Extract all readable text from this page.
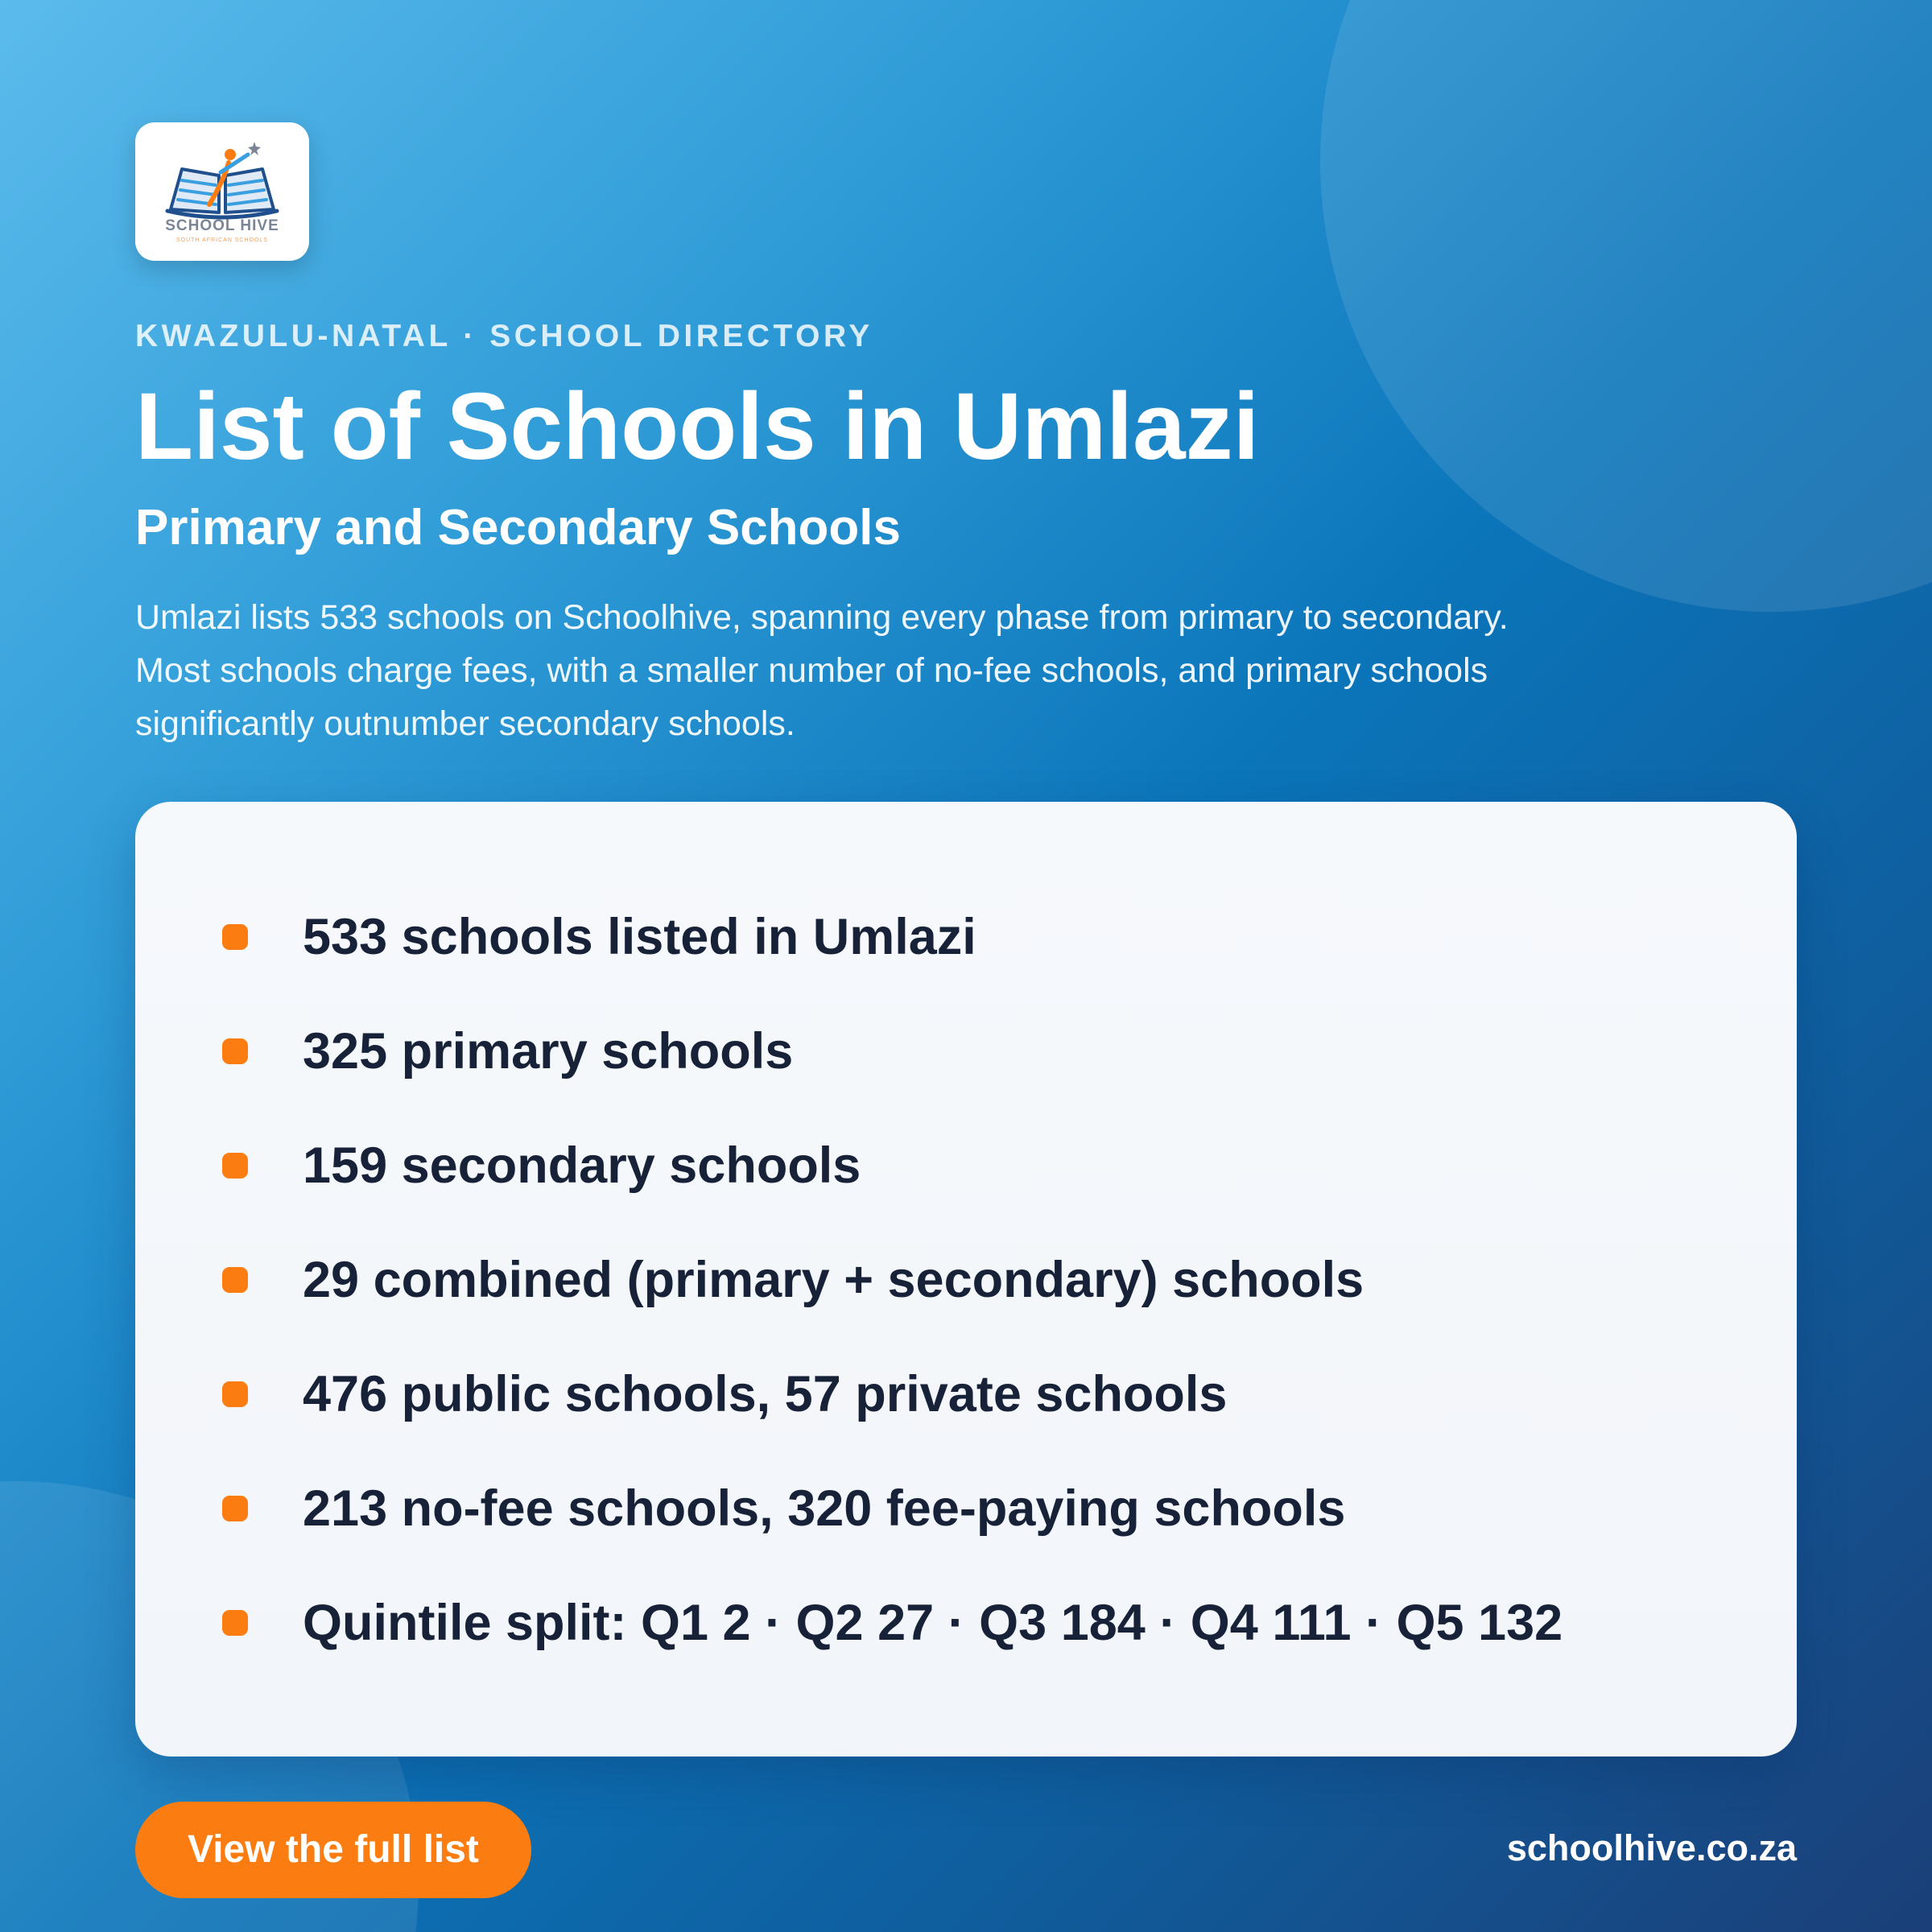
SCHOOL HIVE
SOUTH AFRICAN SCHOOLS
KWAZULU-NATAL · SCHOOL DIRECTORY
List of Schools in Umlazi
Primary and Secondary Schools

Umlazi lists 533 schools on Schoolhive, spanning every phase from primary to secondary. Most schools charge fees, with a smaller number of no-fee schools, and primary schools significantly outnumber secondary schools.

533 schools listed in Umlazi
325 primary schools
159 secondary schools
29 combined (primary + secondary) schools
476 public schools, 57 private schools
213 no-fee schools, 320 fee-paying schools
Quintile split: Q1 2 · Q2 27 · Q3 184 · Q4 111 · Q5 132
View the full list	schoolhive.co.za
